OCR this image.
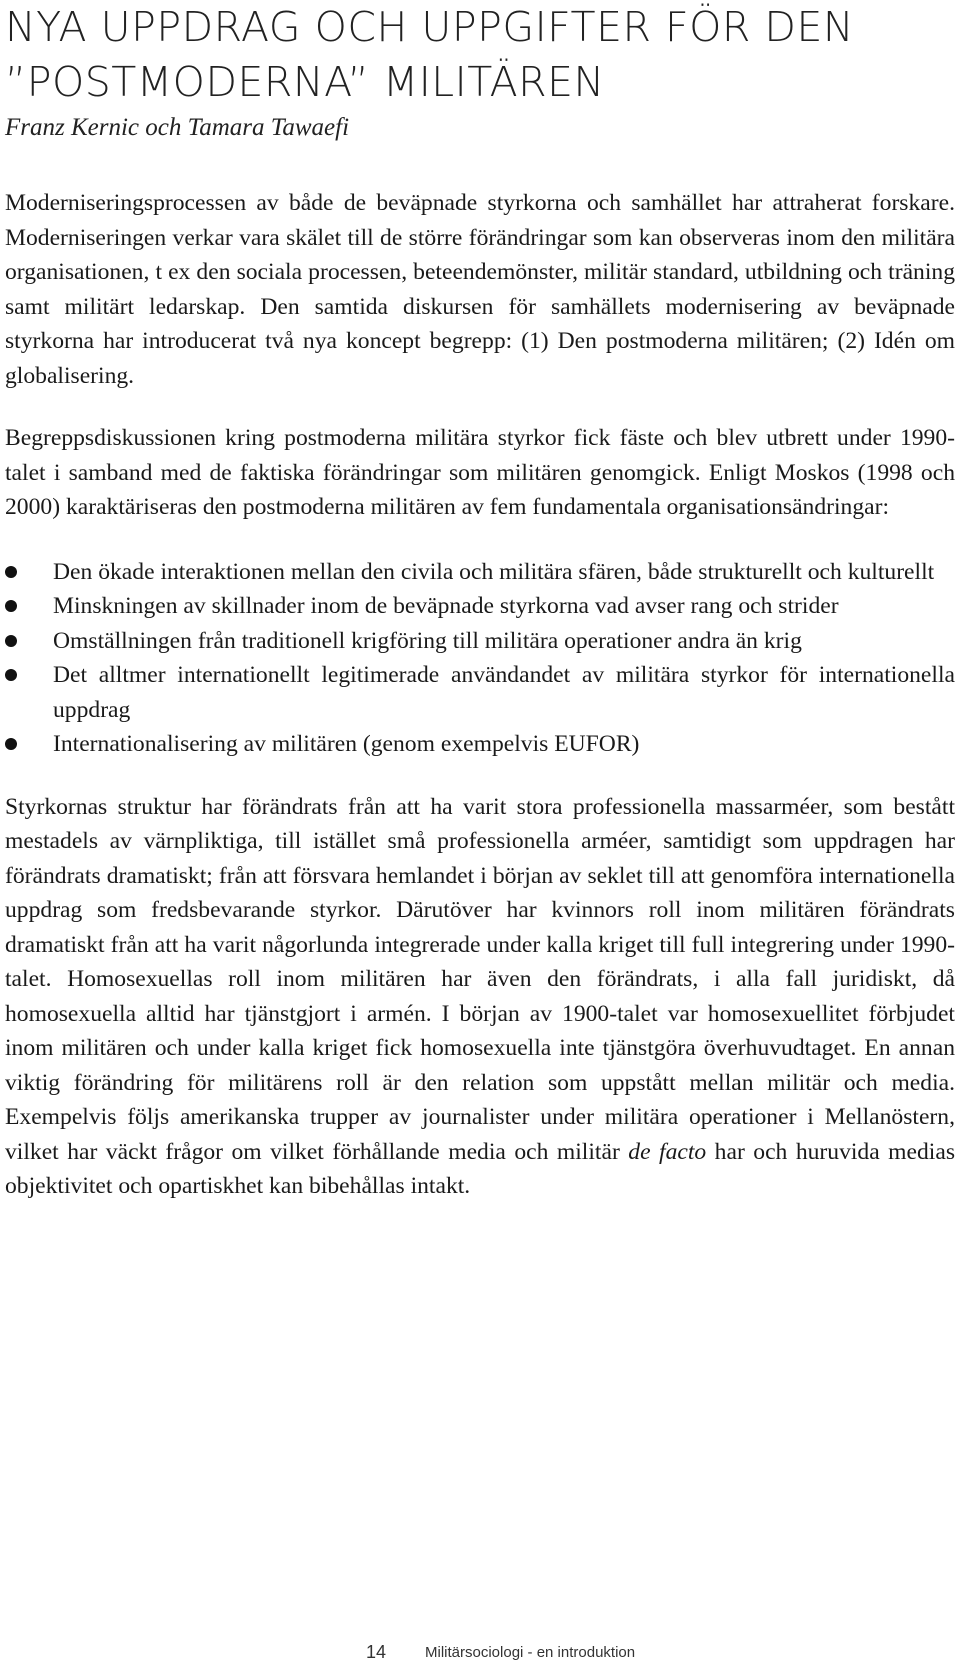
NYA UPPDRAG OCH UPPGIFTER FÖR DEN
”POSTMODERNA” MILITÄREN

Franz Kernic och Tamara Tawaefi

Moderniseringsprocessen av både de beväpnade styrkorna och samhället har attraherat forskare. Moderniseringen verkar vara skälet till de större förändringar som kan observeras inom den militära organisationen, t ex den sociala processen, beteendemönster, militär standard, utbildning och träning samt militärt ledarskap. Den samtida diskursen för samhällets modernisering av beväpnade styrkorna har introducerat två nya koncept begrepp: (1) Den postmoderna militären; (2) Idén om globalisering.

Begreppsdiskussionen kring postmoderna militära styrkor fick fäste och blev utbrett under 1990-talet i samband med de faktiska förändringar som militären genomgick. Enligt Moskos (1998 och 2000) karaktäriseras den postmoderna militären av fem fundamentala organisationsändringar:

Den ökade interaktionen mellan den civila och militära sfären, både strukturellt och kulturellt
Minskningen av skillnader inom de beväpnade styrkorna vad avser rang och strider
Omställningen från traditionell krigföring till militära operationer andra än krig
Det alltmer internationellt legitimerade användandet av militära styrkor för internationella uppdrag
Internationalisering av militären (genom exempelvis EUFOR)

Styrkornas struktur har förändrats från att ha varit stora professionella massarméer, som bestått mestadels av värnpliktiga, till istället små professionella arméer, samtidigt som uppdragen har förändrats dramatiskt; från att försvara hemlandet i början av seklet till att genomföra internationella uppdrag som fredsbevarande styrkor. Därutöver har kvinnors roll inom militären förändrats dramatiskt från att ha varit någorlunda integrerade under kalla kriget till full integrering under 1990-talet. Homosexuellas roll inom militären har även den förändrats, i alla fall juridiskt, då homosexuella alltid har tjänstgjort i armén. I början av 1900-talet var homosexuellitet förbjudet inom militären och under kalla kriget fick homosexuella inte tjänstgöra överhuvudtaget. En annan viktig förändring för militärens roll är den relation som uppstått mellan militär och media. Exempelvis följs amerikanska trupper av journalister under militära operationer i Mellanöstern, vilket har väckt frågor om vilket förhållande media och militär de facto har och huruvida medias objektivitet och opartiskhet kan bibehållas intakt.

14	Militärsociologi - en introduktion
